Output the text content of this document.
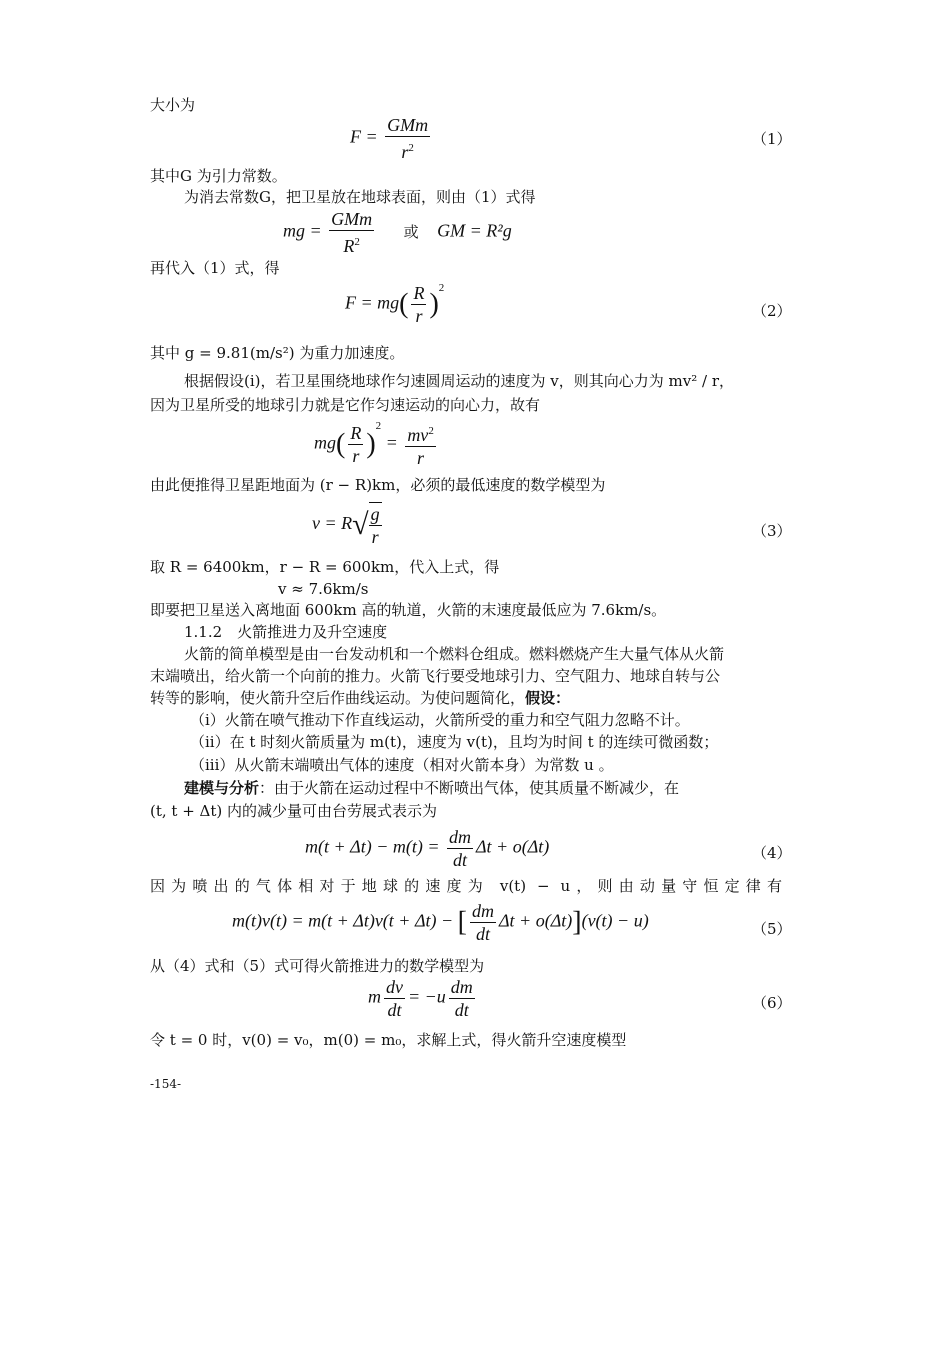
大小为
$F = \frac{\text{GMm}}{r^2}$	（1）
其中G 为引力常数。
为消去常数G，把卫星放在地球表面，则由（1）式得
mg = $\frac{\text{GMm}}{R^2}$ 或 GM = R²g
再代入（1）式，得
$F = mg( \frac{R}{r} )^2$
（2）
其中 g = 9.81(m/s²) 为重力加速度。
根据假设(i)，若卫星围绕地球作匀速圆周运动的速度为 v，则其向心力为 mv² / r，
因为卫星所受的地球引力就是它作匀速运动的向心力，故有
$mg( \frac{R}{r} )^2 = \frac{mv^2}{r}$
由此便推得卫星距地面为 (r − R)km，必须的最低速度的数学模型为
$v = R√ \frac{g}{r}$	（3）
取 R = 6400km，r − R = 600km，代入上式，得
v ≈ 7.6km/s
即要把卫星送入离地面 600km 高的轨道，火箭的末速度最低应为 7.6km/s。
1.1.2　火箭推进力及升空速度
火箭的简单模型是由一台发动机和一个燃料仓组成。燃料燃烧产生大量气体从火箭
末端喷出，给火箭一个向前的推力。火箭飞行要受地球引力、空气阻力、地球自转与公
转等的影响，使火箭升空后作曲线运动。为使问题简化，假设：
（i）火箭在喷气推动下作直线运动，火箭所受的重力和空气阻力忽略不计。
（ii）在 t 时刻火箭质量为 m(t)，速度为 v(t)，且均为时间 t 的连续可微函数；
（iii）从火箭末端喷出气体的速度（相对火箭本身）为常数 u 。
建模与分析：由于火箭在运动过程中不断喷出气体，使其质量不断减少，在
(t, t + Δt) 内的减少量可由台劳展式表示为
$m(t + \Delta t) - m(t) = \frac{dm}{dt}$ Δt + o(Δt)	（4）
因为喷出的气体相对于地球的速度为 v(t) − u，则由动量守恒定律有
m(t)v(t) = m(t + Δt)v(t + Δt) − [ $\frac{dm}{dt}$ Δt + o(Δt)](v(t) − u)	（5）
从（4）式和（5）式可得火箭推进力的数学模型为
m $\frac{dv}{dt} = -u \frac{dm}{dt}$	（6）
令 t = 0 时，v(0) = v₀，m(0) = m₀，求解上式，得火箭升空速度模型
-154-
